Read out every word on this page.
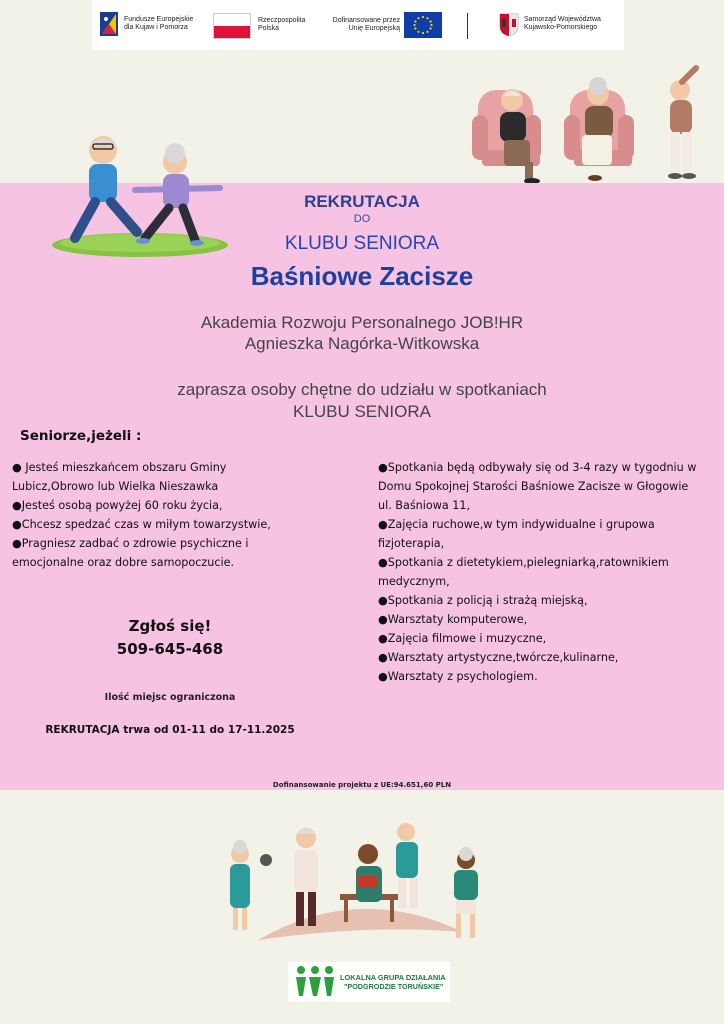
Fundusze Europejskie
dla Kujaw i Pomorza
Rzeczpospolita
Polska
Dofinansowane przez
Unię Europejską
Samorząd Województwa
Kujawsko-Pomorskiego
REKRUTACJA
DO
KLUBU SENIORA
Baśniowe Zacisze
Akademia Rozwoju Personalnego JOB!HR
Agnieszka Nagórka-Witkowska
zaprasza osoby chętne do udziału w spotkaniach
KLUBU SENIORA
Seniorze,jeżeli :
● Jesteś mieszkańcem obszaru Gminy
Lubicz,Obrowo lub Wielka Nieszawka
●Jesteś osobą powyżej 60 roku życia,
●Chcesz spedzać czas w miłym towarzystwie,
●Pragniesz zadbać o zdrowie psychiczne i
emocjonalne oraz dobre samopoczucie.
●Spotkania będą odbywały się od 3-4 razy w tygodniu w
Domu Spokojnej Starości Baśniowe Zacisze w Głogowie
ul. Baśniowa 11,
●Zajęcia ruchowe,w tym indywidualne i grupowa
fizjoterapia,
●Spotkania z dietetykiem,pielegniarką,ratownikiem
medycznym,
●Spotkania z policją i strażą miejską,
●Warsztaty komputerowe,
●Zajęcia filmowe i muzyczne,
●Warsztaty artystyczne,twórcze,kulinarne,
●Warsztaty z psychologiem.
Zgłoś się!
509-645-468
Ilość miejsc ograniczona
REKRUTACJA trwa od 01-11 do 17-11.2025
Dofinansowanie projektu z UE:94.651,60 PLN
LOKALNA GRUPA DZIAŁANIA
"PODGRODZIE TORUŃSKIE"
